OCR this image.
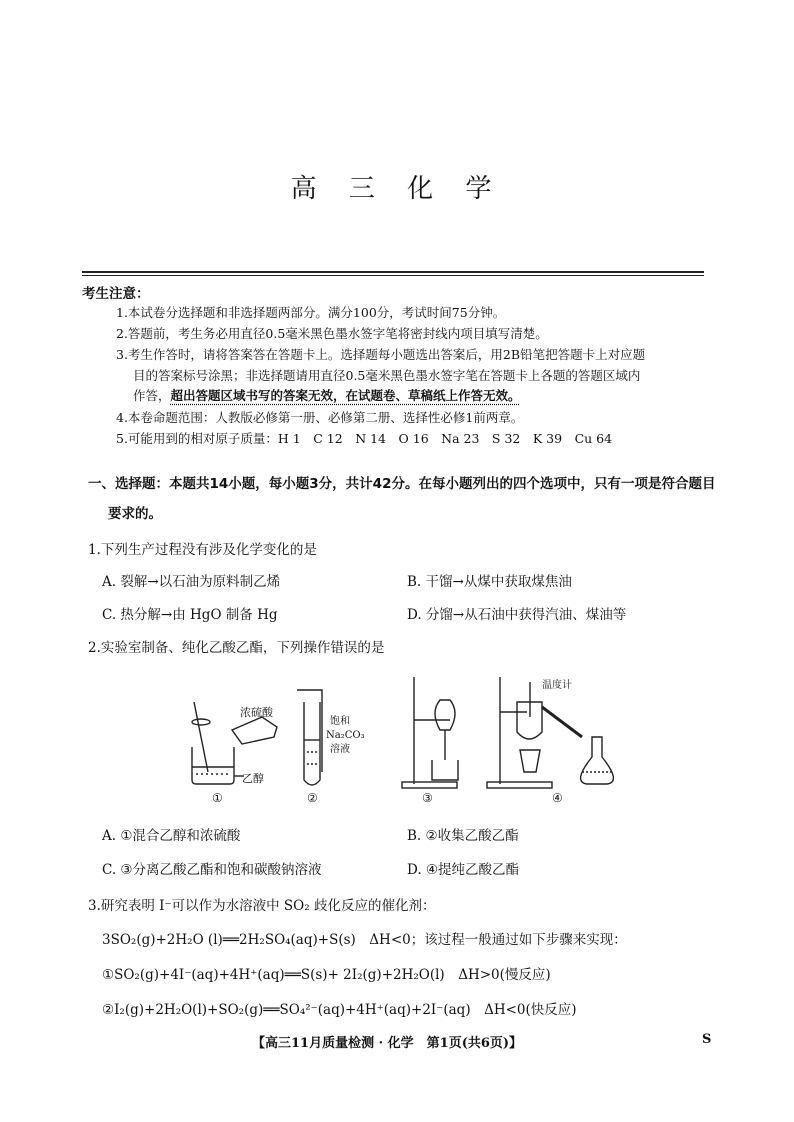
高 三 化 学
考生注意：
1.本试卷分选择题和非选择题两部分。满分100分，考试时间75分钟。
2.答题前，考生务必用直径0.5毫米黑色墨水签字笔将密封线内项目填写清楚。
3.考生作答时，请将答案答在答题卡上。选择题每小题选出答案后，用2B铅笔把答题卡上对应题
目的答案标号涂黑；非选择题请用直径0.5毫米黑色墨水签字笔在答题卡上各题的答题区域内
作答，超出答题区域书写的答案无效，在试题卷、草稿纸上作答无效。
4.本卷命题范围：人教版必修第一册、必修第二册、选择性必修1前两章。
5.可能用到的相对原子质量：H 1　C 12　N 14　O 16　Na 23　S 32　K 39　Cu 64
一、选择题：本题共14小题，每小题3分，共计42分。在每小题列出的四个选项中，只有一项是符合题目
要求的。
1.下列生产过程没有涉及化学变化的是
A. 裂解→以石油为原料制乙烯	B. 干馏→从煤中获取煤焦油
C. 热分解→由 HgO 制备 Hg	D. 分馏→从石油中获得汽油、煤油等
2.实验室制备、纯化乙酸乙酯，下列操作错误的是
浓硫酸
乙醇
①
饱和
Na₂CO₃
溶液
②	③
温度计
④
A. ①混合乙醇和浓硫酸	B. ②收集乙酸乙酯
C. ③分离乙酸乙酯和饱和碳酸钠溶液	D. ④提纯乙酸乙酯
3.研究表明 I⁻可以作为水溶液中 SO₂ 歧化反应的催化剂：
3SO₂(g)+2H₂O (l)══2H₂SO₄(aq)+S(s)　ΔH<0；该过程一般通过如下步骤来实现：
①SO₂(g)+4I⁻(aq)+4H⁺(aq)══S(s)+ 2I₂(g)+2H₂O(l)　ΔH>0(慢反应)
②I₂(g)+2H₂O(l)+SO₂(g)══SO₄²⁻(aq)+4H⁺(aq)+2I⁻(aq)　ΔH<0(快反应)
【高三11月质量检测 · 化学　第1页(共6页)】	S
